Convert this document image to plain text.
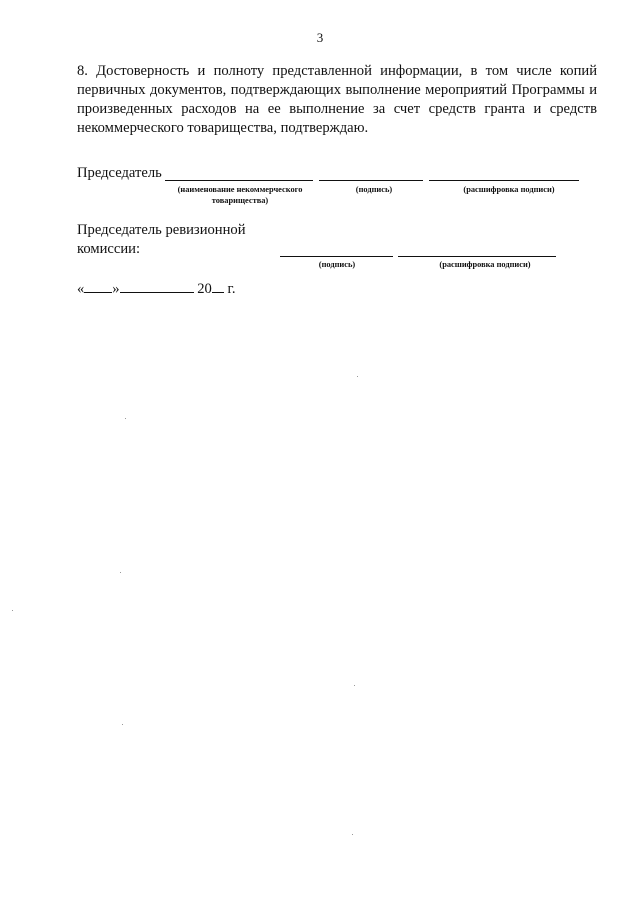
3
8. Достоверность и полноту представленной информации, в том числе копий первичных документов, подтверждающих выполнение мероприятий Программы и произведенных расходов на ее выполнение за счет средств гранта и средств некоммерческого товарищества, подтверждаю.
Председатель
(наименование некоммерческого товарищества)
(подпись)	(расшифровка подписи)
Председатель ревизионной комиссии:
(подпись)	(расшифровка подписи)
« »	20 г.
